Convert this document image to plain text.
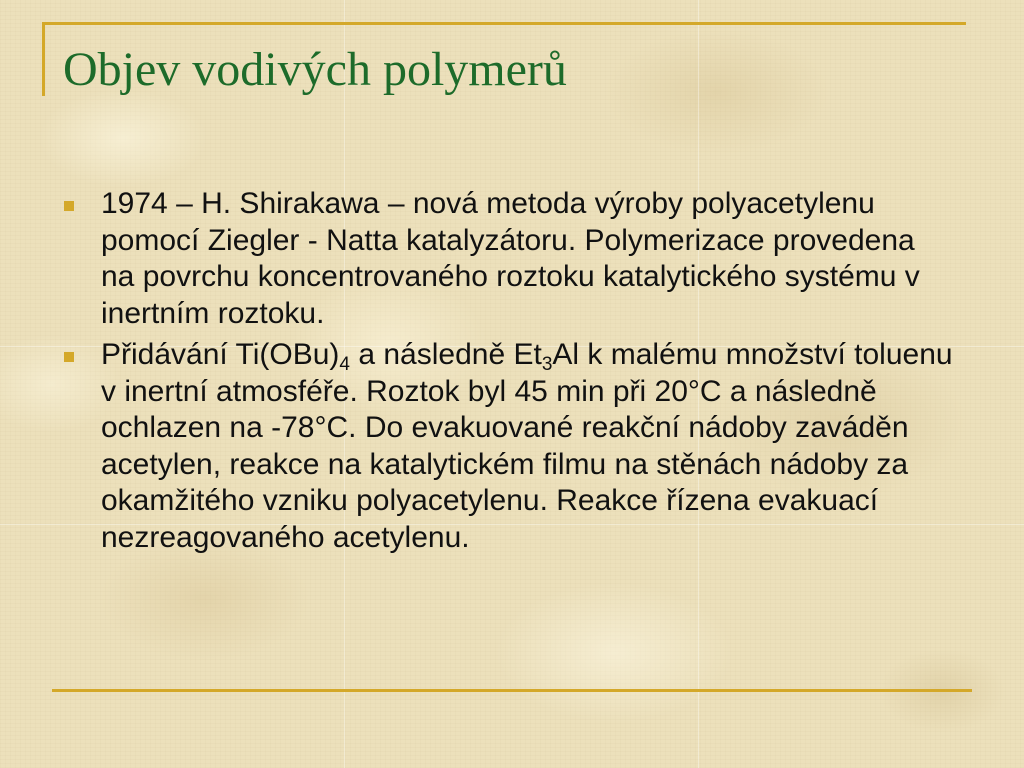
Objev vodivých polymerů
1974 – H. Shirakawa – nová metoda výroby polyacetylenu pomocí Ziegler - Natta katalyzátoru. Polymerizace provedena na povrchu koncentrovaného roztoku katalytického systému v inertním roztoku.
Přidávání $Ti(OBu)_4$ a následně $Et_3Al$ k malému množství toluenu v inertní atmosféře. Roztok byl 45 min při 20°C a následně ochlazen na -78°C. Do evakuované reakční nádoby zaváděn acetylen, reakce na katalytickém filmu na stěnách nádoby za okamžitého vzniku polyacetylenu. Reakce řízena evakuací nezreagovaného acetylenu.
